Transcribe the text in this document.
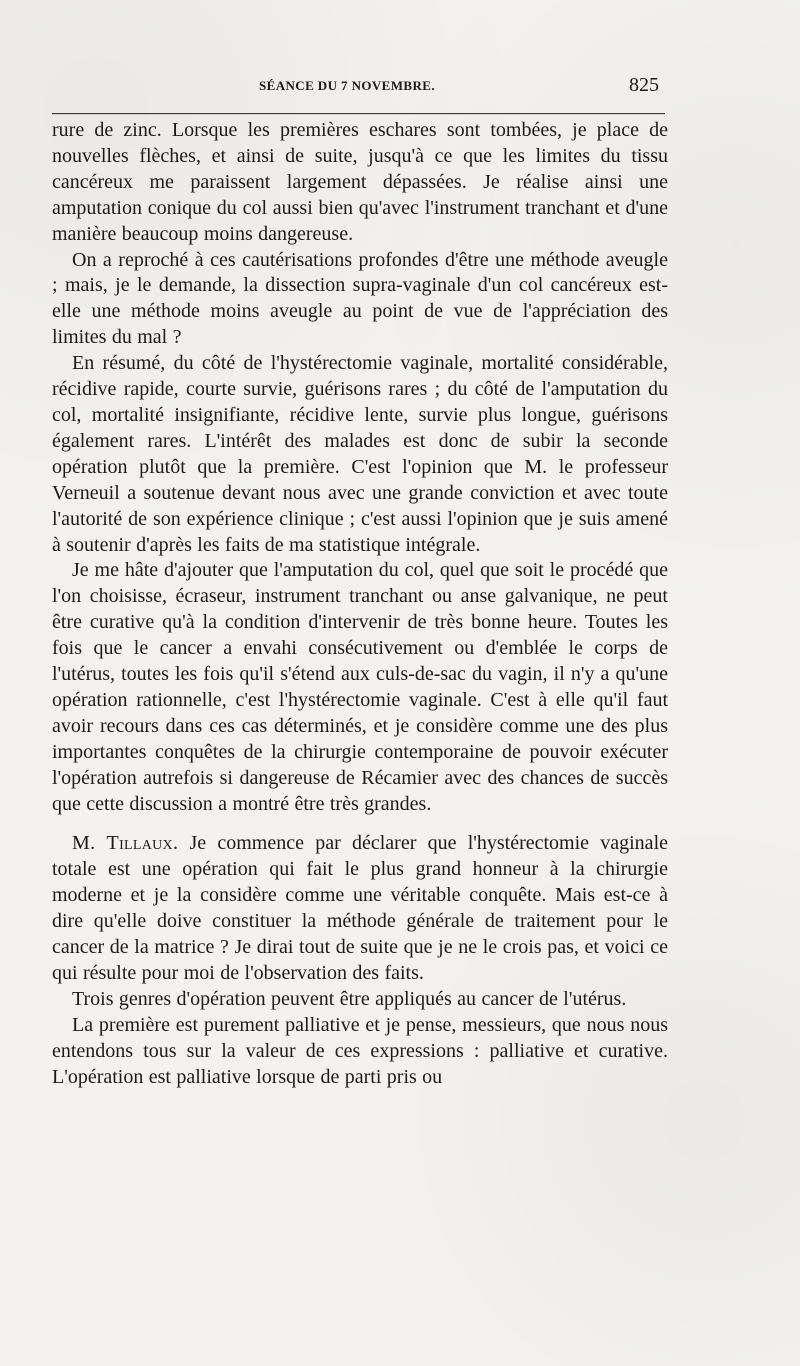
SÉANCE DU 7 NOVEMBRE.	825

rure de zinc. Lorsque les premières eschares sont tombées, je place de nouvelles flèches, et ainsi de suite, jusqu'à ce que les limites du tissu cancéreux me paraissent largement dépassées. Je réalise ainsi une amputation conique du col aussi bien qu'avec l'instrument tranchant et d'une manière beaucoup moins dangereuse.

On a reproché à ces cautérisations profondes d'être une méthode aveugle ; mais, je le demande, la dissection supra-vaginale d'un col cancéreux est-elle une méthode moins aveugle au point de vue de l'appréciation des limites du mal ?

En résumé, du côté de l'hystérectomie vaginale, mortalité considérable, récidive rapide, courte survie, guérisons rares ; du côté de l'amputation du col, mortalité insignifiante, récidive lente, survie plus longue, guérisons également rares. L'intérêt des malades est donc de subir la seconde opération plutôt que la première. C'est l'opinion que M. le professeur Verneuil a soutenue devant nous avec une grande conviction et avec toute l'autorité de son expérience clinique ; c'est aussi l'opinion que je suis amené à soutenir d'après les faits de ma statistique intégrale.

Je me hâte d'ajouter que l'amputation du col, quel que soit le procédé que l'on choisisse, écraseur, instrument tranchant ou anse galvanique, ne peut être curative qu'à la condition d'intervenir de très bonne heure. Toutes les fois que le cancer a envahi consécutivement ou d'emblée le corps de l'utérus, toutes les fois qu'il s'étend aux culs-de-sac du vagin, il n'y a qu'une opération rationnelle, c'est l'hystérectomie vaginale. C'est à elle qu'il faut avoir recours dans ces cas déterminés, et je considère comme une des plus importantes conquêtes de la chirurgie contemporaine de pouvoir exécuter l'opération autrefois si dangereuse de Récamier avec des chances de succès que cette discussion a montré être très grandes.

M. Tillaux. Je commence par déclarer que l'hystérectomie vaginale totale est une opération qui fait le plus grand honneur à la chirurgie moderne et je la considère comme une véritable conquête. Mais est-ce à dire qu'elle doive constituer la méthode générale de traitement pour le cancer de la matrice ? Je dirai tout de suite que je ne le crois pas, et voici ce qui résulte pour moi de l'observation des faits.

Trois genres d'opération peuvent être appliqués au cancer de l'utérus.

La première est purement palliative et je pense, messieurs, que nous nous entendons tous sur la valeur de ces expressions : palliative et curative. L'opération est palliative lorsque de parti pris ou
